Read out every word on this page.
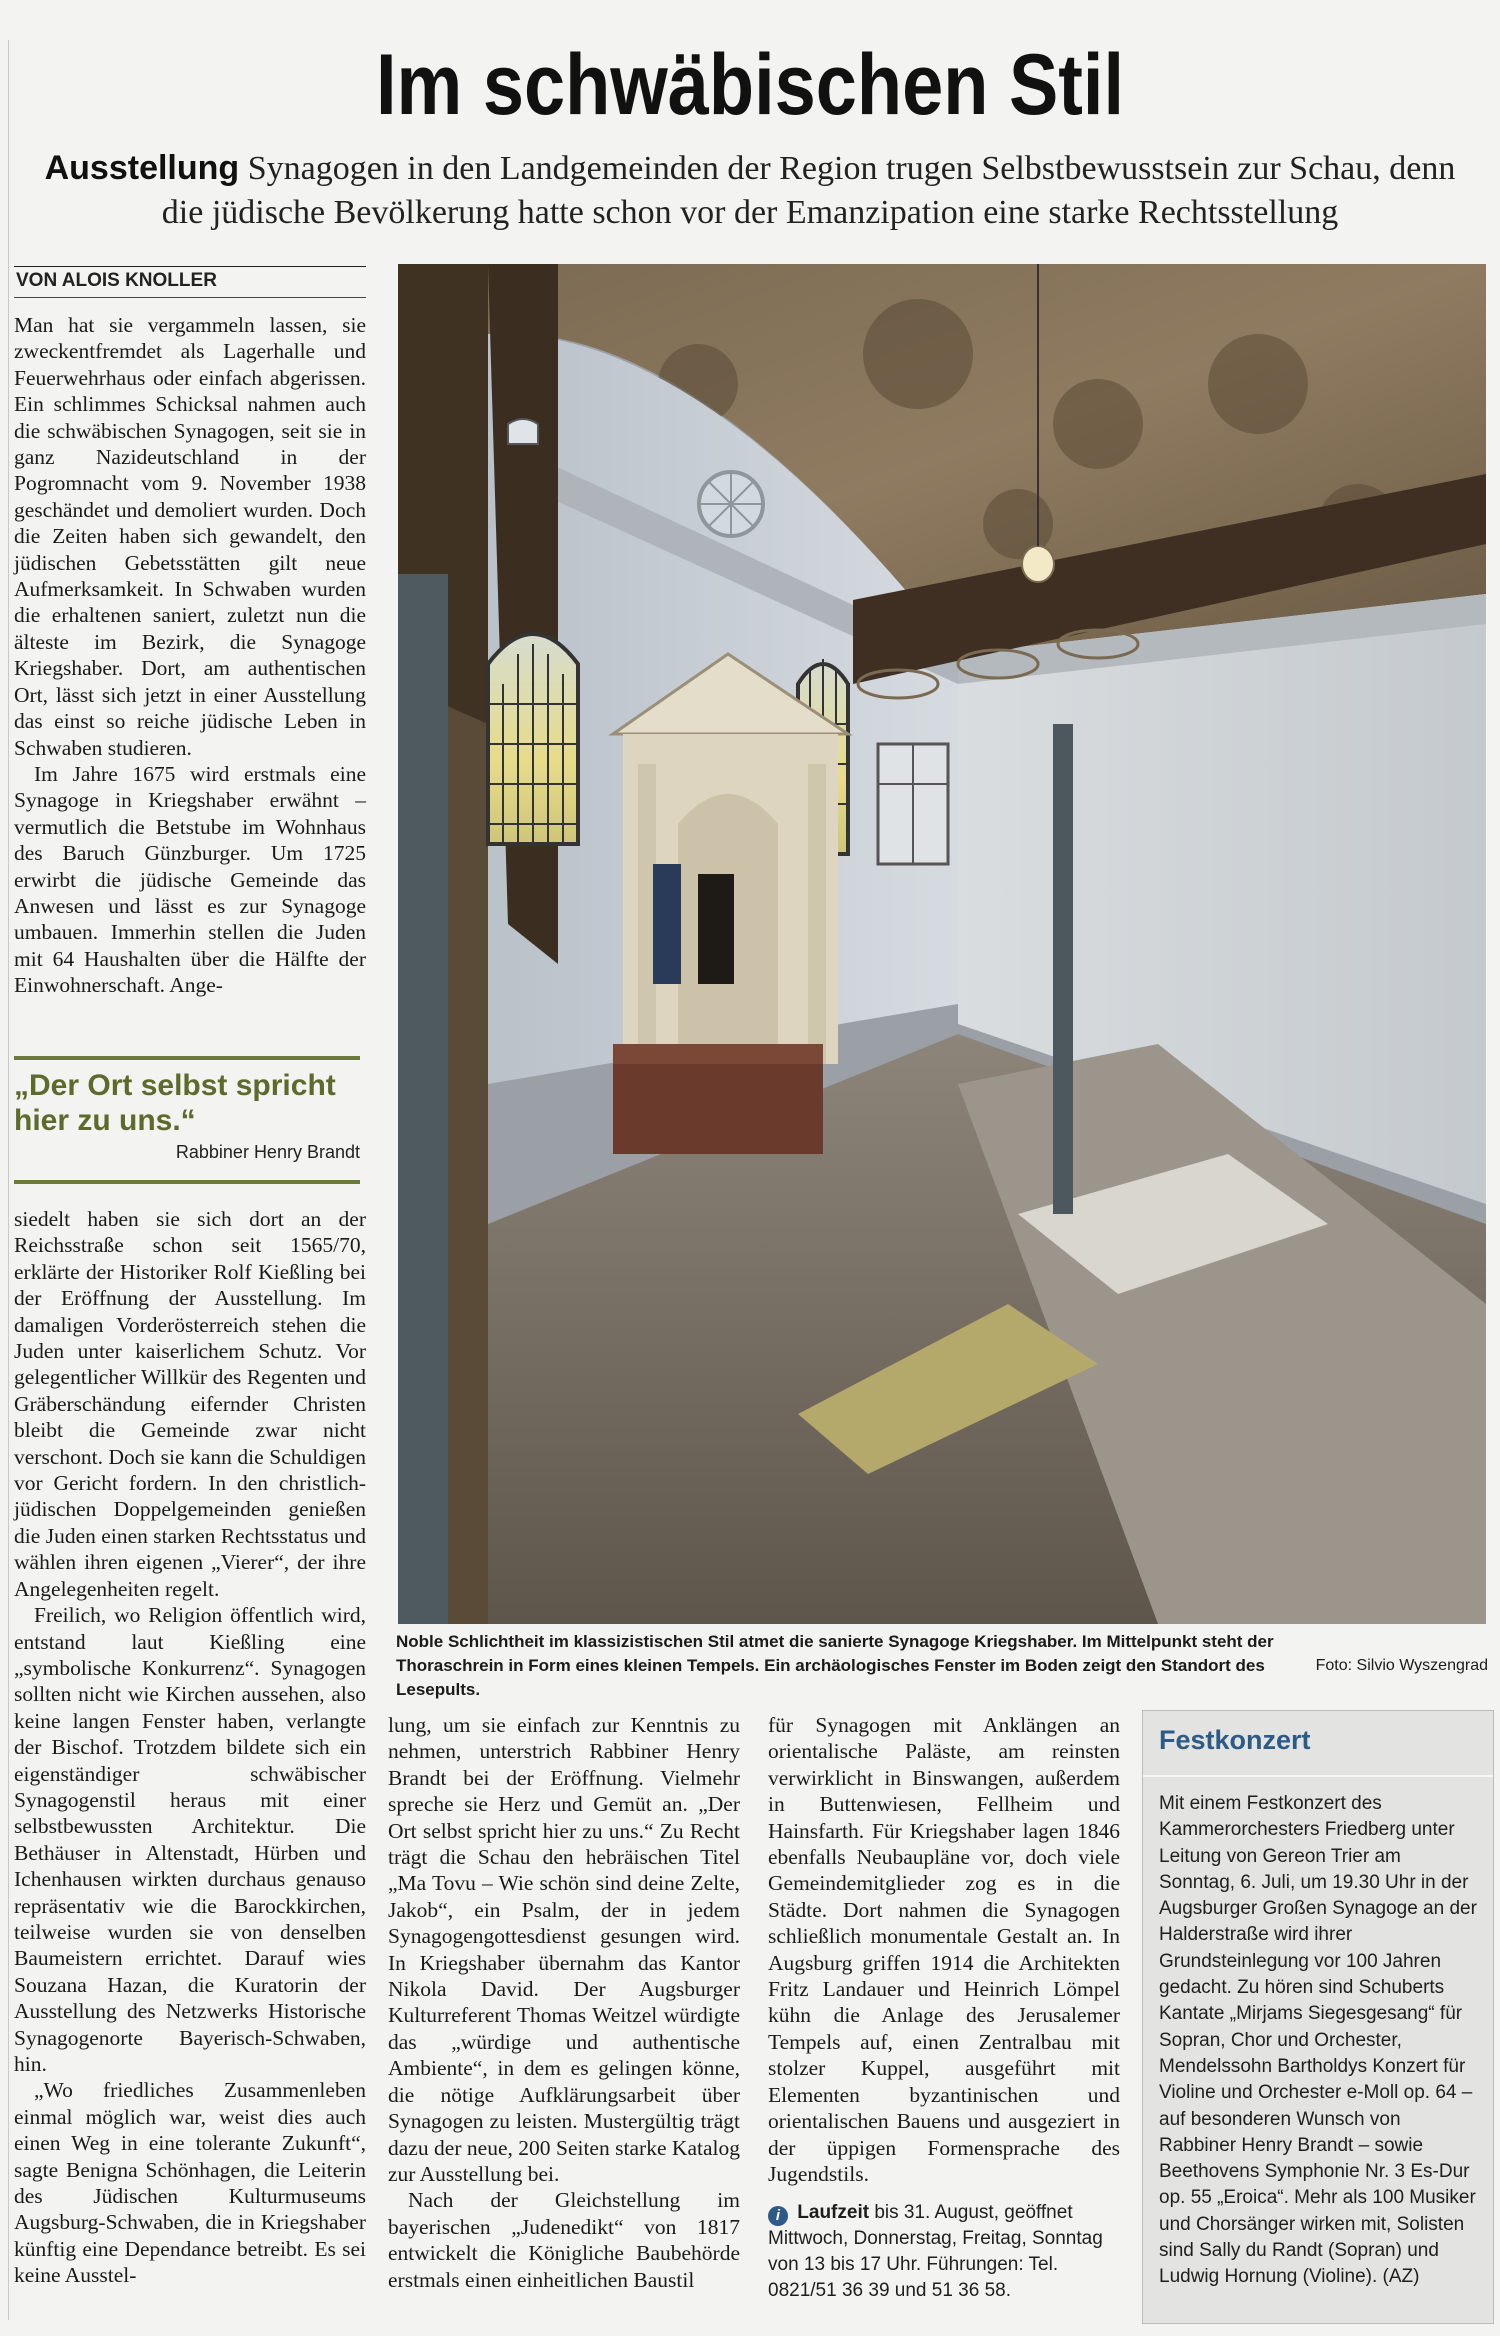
Im schwäbischen Stil
Ausstellung Synagogen in den Landgemeinden der Region trugen Selbstbewusstsein zur Schau, denn die jüdische Bevölkerung hatte schon vor der Emanzipation eine starke Rechtsstellung
VON ALOIS KNOLLER

Man hat sie vergammeln lassen, sie zweckentfremdet als Lagerhalle und Feuerwehrhaus oder einfach abgerissen. Ein schlimmes Schicksal nahmen auch die schwäbischen Synagogen, seit sie in ganz Nazideutschland in der Pogromnacht vom 9. November 1938 geschändet und demoliert wurden. Doch die Zeiten haben sich gewandelt, den jüdischen Gebetsstätten gilt neue Aufmerksamkeit. In Schwaben wurden die erhaltenen saniert, zuletzt nun die älteste im Bezirk, die Synagoge Kriegshaber. Dort, am authentischen Ort, lässt sich jetzt in einer Ausstellung das einst so reiche jüdische Leben in Schwaben studieren.

Im Jahre 1675 wird erstmals eine Synagoge in Kriegshaber erwähnt – vermutlich die Betstube im Wohnhaus des Baruch Günzburger. Um 1725 erwirbt die jüdische Gemeinde das Anwesen und lässt es zur Synagoge umbauen. Immerhin stellen die Juden mit 64 Haushalten über die Hälfte der Einwohnerschaft. Ange-

„Der Ort selbst spricht hier zu uns.“
Rabbiner Henry Brandt

siedelt haben sie sich dort an der Reichsstraße schon seit 1565/70, erklärte der Historiker Rolf Kießling bei der Eröffnung der Ausstellung. Im damaligen Vorderösterreich stehen die Juden unter kaiserlichem Schutz. Vor gelegentlicher Willkür des Regenten und Gräberschändung eifernder Christen bleibt die Gemeinde zwar nicht verschont. Doch sie kann die Schuldigen vor Gericht fordern. In den christlich-jüdischen Doppelgemeinden genießen die Juden einen starken Rechtsstatus und wählen ihren eigenen „Vierer“, der ihre Angelegenheiten regelt.

Freilich, wo Religion öffentlich wird, entstand laut Kießling eine „symbolische Konkurrenz“. Synagogen sollten nicht wie Kirchen aussehen, also keine langen Fenster haben, verlangte der Bischof. Trotzdem bildete sich ein eigenständiger schwäbischer Synagogenstil heraus mit einer selbstbewussten Architektur. Die Bethäuser in Altenstadt, Hürben und Ichenhausen wirkten durchaus genauso repräsentativ wie die Barockkirchen, teilweise wurden sie von denselben Baumeistern errichtet. Darauf wies Souzana Hazan, die Kuratorin der Ausstellung des Netzwerks Historische Synagogenorte Bayerisch-Schwaben, hin.

„Wo friedliches Zusammenleben einmal möglich war, weist dies auch einen Weg in eine tolerante Zukunft“, sagte Benigna Schönhagen, die Leiterin des Jüdischen Kulturmuseums Augsburg-Schwaben, die in Kriegshaber künftig eine Dependance betreibt. Es sei keine Ausstel-

Foto: Silvio Wyszengrad
Noble Schlichtheit im klassizistischen Stil atmet die sanierte Synagoge Kriegshaber. Im Mittelpunkt steht der Thoraschrein in Form eines kleinen Tempels. Ein archäologisches Fenster im Boden zeigt den Standort des Lesepults.

lung, um sie einfach zur Kenntnis zu nehmen, unterstrich Rabbiner Henry Brandt bei der Eröffnung. Vielmehr spreche sie Herz und Gemüt an. „Der Ort selbst spricht hier zu uns.“ Zu Recht trägt die Schau den hebräischen Titel „Ma Tovu – Wie schön sind deine Zelte, Jakob“, ein Psalm, der in jedem Synagogengottesdienst gesungen wird. In Kriegshaber übernahm das Kantor Nikola David. Der Augsburger Kulturreferent Thomas Weitzel würdigte das „würdige und authentische Ambiente“, in dem es gelingen könne, die nötige Aufklärungsarbeit über Synagogen zu leisten. Mustergültig trägt dazu der neue, 200 Seiten starke Katalog zur Ausstellung bei.

Nach der Gleichstellung im bayerischen „Judenedikt“ von 1817 entwickelt die Königliche Baubehörde erstmals einen einheitlichen Baustil

für Synagogen mit Anklängen an orientalische Paläste, am reinsten verwirklicht in Binswangen, außerdem in Buttenwiesen, Fellheim und Hainsfarth. Für Kriegshaber lagen 1846 ebenfalls Neubaupläne vor, doch viele Gemeindemitglieder zog es in die Städte. Dort nahmen die Synagogen schließlich monumentale Gestalt an. In Augsburg griffen 1914 die Architekten Fritz Landauer und Heinrich Lömpel kühn die Anlage des Jerusalemer Tempels auf, einen Zentralbau mit stolzer Kuppel, ausgeführt mit Elementen byzantinischen und orientalischen Bauens und ausgeziert in der üppigen Formensprache des Jugendstils.

i Laufzeit bis 31. August, geöffnet Mittwoch, Donnerstag, Freitag, Sonntag von 13 bis 17 Uhr. Führungen: Tel. 0821/51 36 39 und 51 36 58.
Festkonzert
Mit einem Festkonzert des Kammerorchesters Friedberg unter Leitung von Gereon Trier am Sonntag, 6. Juli, um 19.30 Uhr in der Augsburger Großen Synagoge an der Halderstraße wird ihrer Grundsteinlegung vor 100 Jahren gedacht. Zu hören sind Schuberts Kantate „Mirjams Siegesgesang“ für Sopran, Chor und Orchester, Mendelssohn Bartholdys Konzert für Violine und Orchester e-Moll op. 64 – auf besonderen Wunsch von Rabbiner Henry Brandt – sowie Beethovens Symphonie Nr. 3 Es-Dur op. 55 „Eroica“. Mehr als 100 Musiker und Chorsänger wirken mit, Solisten sind Sally du Randt (Sopran) und Ludwig Hornung (Violine). (AZ)
